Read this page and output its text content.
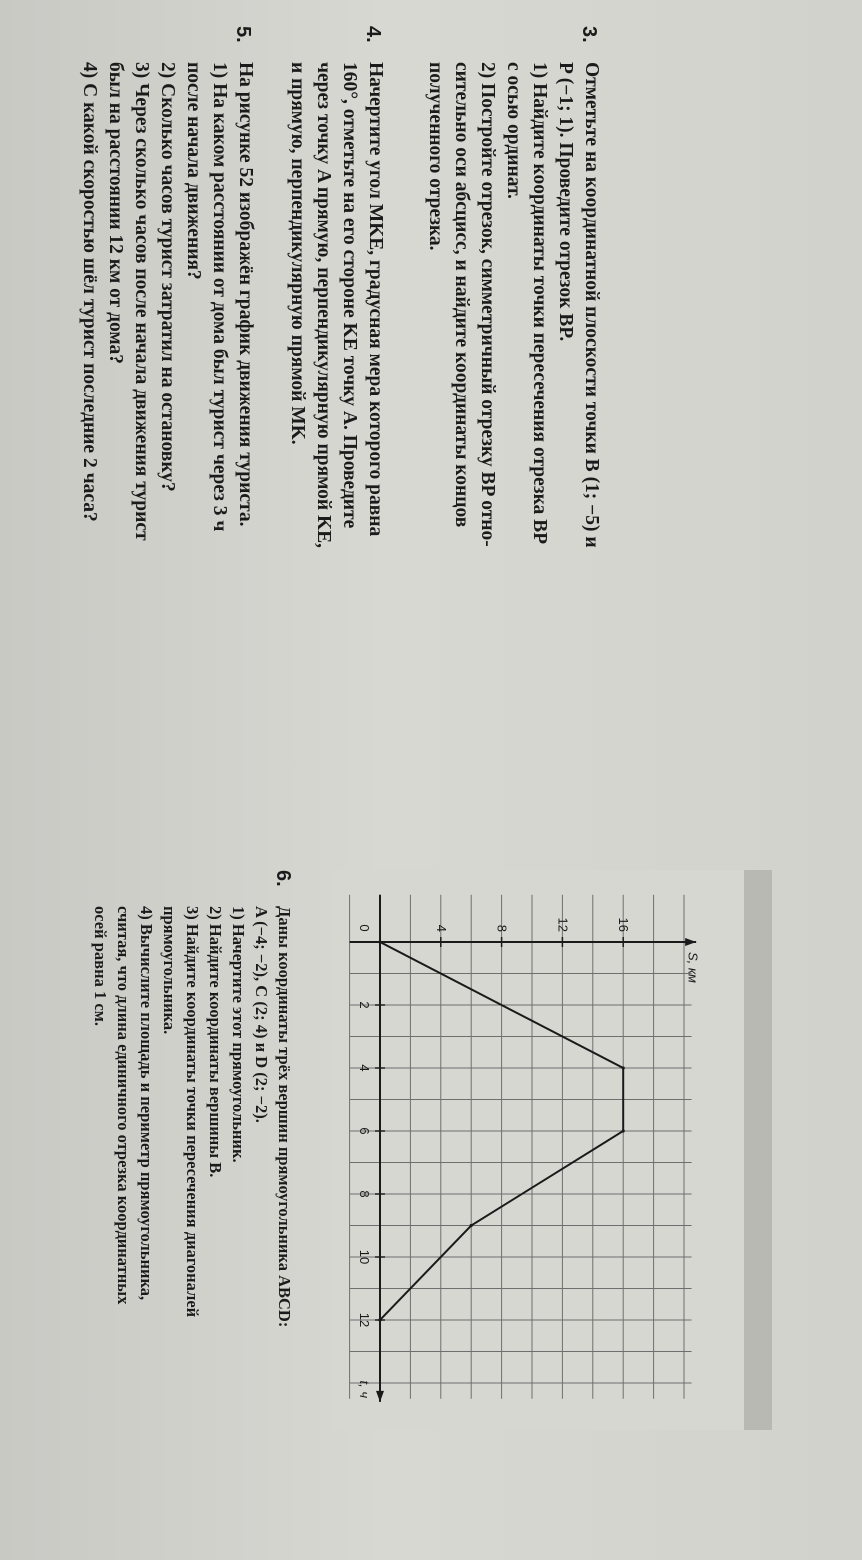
3.
Отметьте на координатной плоскости точки B (1; −5) и
P (−1; 1). Проведите отрезок BP.
1) Найдите координаты точки пересечения отрезка BP
с осью ординат.
2) Постройте отрезок, симметричный отрезку BP отно-
сительно оси абсцисс, и найдите координаты концов
полученного отрезка.
4.
Начертите угол MKE, градусная мера которого равна
160°, отметьте на его стороне KE точку A. Проведите
через точку A прямую, перпендикулярную прямой KE,
и прямую, перпендикулярную прямой MK.
5.
На рисунке 52 изображён график движения туриста.
1) На каком расстоянии от дома был турист через 3 ч
после начала движения?
2) Сколько часов турист затратил на остановку?
3) Через сколько часов после начала движения турист
был на расстоянии 12 км от дома?
4) С какой скоростью шёл турист последние 2 часа?
0
2
4
6
8
10
12
4	8	12	16
t, ч
S, км
6.
Даны координаты трёх вершин прямоугольника ABCD:
A (−4; −2), C (2; 4) и D (2; −2).
1) Начертите этот прямоугольник.
2) Найдите координаты вершины B.
3) Найдите координаты точки пересечения диагоналей
прямоугольника.
4) Вычислите площадь и периметр прямоугольника,
считая, что длина единичного отрезка координатных
осей равна 1 см.
